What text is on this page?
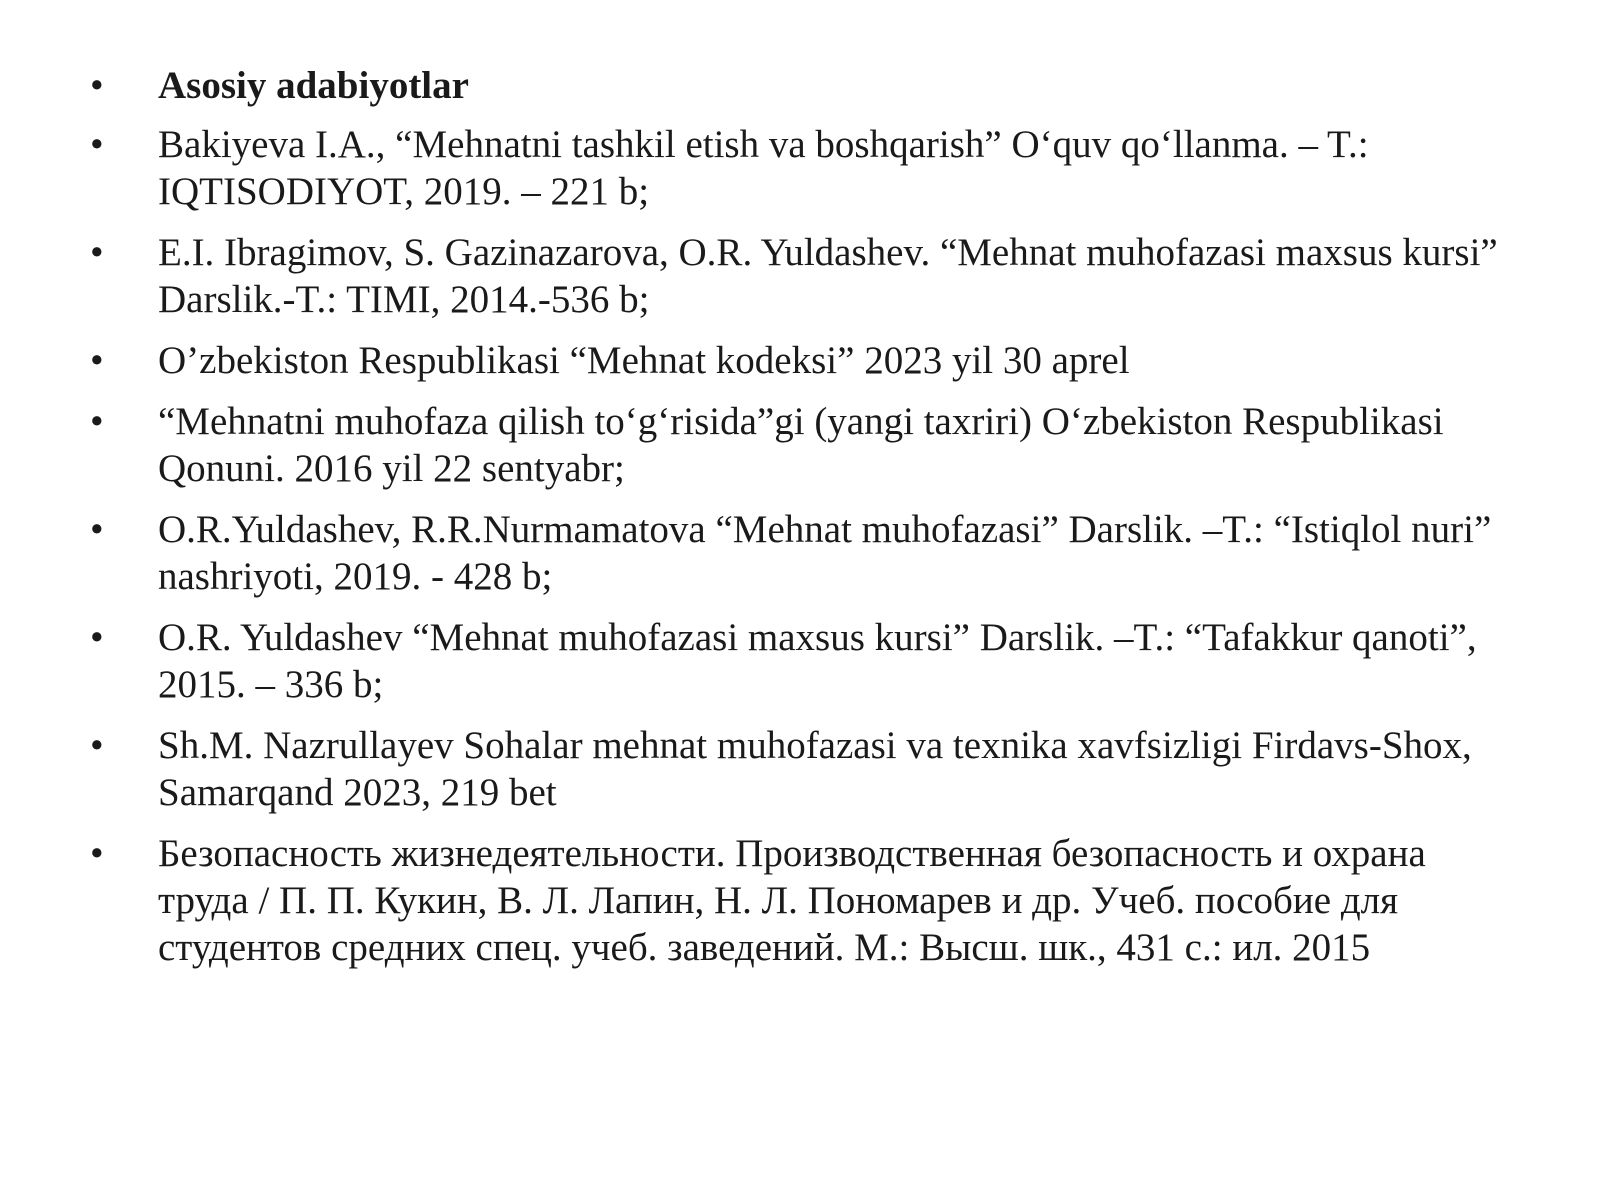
•	Asosiy adabiyotlar
•	Bakiyeva I.A., “Mehnatni tashkil etish va boshqarish” O‘quv qo‘llanma. – T.: IQTISODIYOT, 2019. – 221 b;
•	E.I. Ibragimov, S. Gazinazarova, O.R. Yuldashev. “Mehnat muhofazasi maxsus kursi” Darslik.-T.: TIMI, 2014.-536 b;
•	O’zbekiston Respublikasi “Mehnat kodeksi” 2023 yil 30 aprel
•	“Mehnatni muhofaza qilish to‘g‘risida”gi (yangi taxriri) O‘zbekiston Respublikasi Qonuni. 2016 yil 22 sentyabr;
•	O.R.Yuldashev, R.R.Nurmamatova “Mehnat muhofazasi” Darslik. –T.: “Istiqlol nuri” nashriyoti, 2019. - 428 b;
•	O.R. Yuldashev “Mehnat muhofazasi maxsus kursi” Darslik. –T.: “Tafakkur qanoti”, 2015. – 336 b;
•	Sh.M. Nazrullayev Sohalar mehnat muhofazasi va texnika xavfsizligi Firdavs-Shox, Samarqand 2023, 219 bet
•	Безопасность жизнедеятельности. Производственная безопасность и охрана труда / П. П. Кукин, В. Л. Лапин, Н. Л. Пономарев и др. Учеб. пособие для студентов средних спец. учеб. заведений. М.: Высш. шк., 431 с.: ил. 2015
